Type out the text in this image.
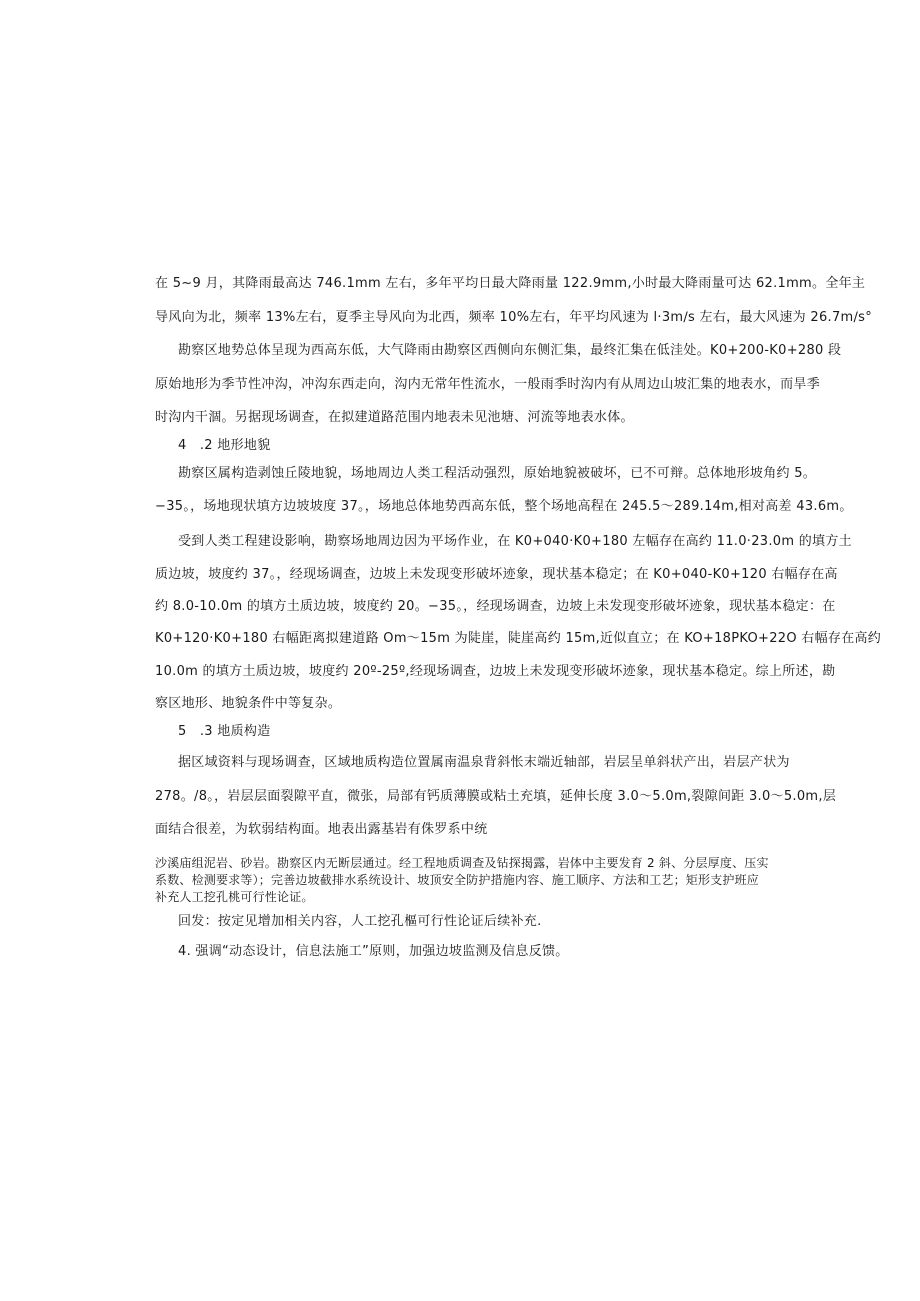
在 5~9 月，其降雨最高达 746.1mm 左右，多年平均日最大降雨量 122.9mm,小时最大降雨量可达 62.1mm。全年主
导风向为北，频率 13%左右，夏季主导风向为北西，频率 10%左右，年平均风速为 l·3m∕s 左右，最大风速为 26.7m∕s°
勘察区地势总体呈现为西高东低，大气降雨由勘察区西侧向东侧汇集，最终汇集在低洼处。K0+200-K0+280 段
原始地形为季节性冲沟，冲沟东西走向，沟内无常年性流水，一般雨季时沟内有从周边山坡汇集的地表水，而旱季
时沟内干涸。另据现场调查，在拟建道路范围内地表未见池塘、河流等地表水体。
4　.2 地形地貌
勘察区属构造剥蚀丘陵地貌，场地周边人类工程活动强烈，原始地貌被破坏，已不可辩。总体地形坡角约 5。
−35。，场地现状填方边坡坡度 37。，场地总体地势西高东低，整个场地高程在 245.5～289.14m,相对高差 43.6m。
受到人类工程建设影响，勘察场地周边因为平场作业，在 K0+040·K0+180 左幅存在高约 11.0·23.0m 的填方土
质边坡，坡度约 37。，经现场调查，边坡上未发现变形破坏迹象，现状基本稳定；在 K0+040-K0+120 右幅存在高
约 8.0-10.0m 的填方土质边坡，坡度约 20。−35。，经现场调查，边坡上未发现变形破坏迹象，现状基本稳定：在
K0+120·K0+180 右幅距离拟建道路 Om～15m 为陡崖，陡崖高约 15m,近似直立；在 KO+18PKO+22O 右幅存在高约
10.0m 的填方土质边坡，坡度约 20º-25º,经现场调查，边坡上未发现变形破坏迹象，现状基本稳定。综上所述，勘
察区地形、地貌条件中等复杂。
5　.3 地质构造
据区域资料与现场调查，区域地质构造位置属南温泉背斜怅末端近轴部，岩层呈单斜状产出，岩层产状为
278。/8。，岩层层面裂隙平直，微张，局部有钙质薄膜或粘土充填，延伸长度 3.0～5.0m,裂隙间距 3.0～5.0m,层
面结合很差，为软弱结构面。地表出露基岩有侏罗系中统
沙溪庙组泥岩、砂岩。勘察区内无断层通过。经工程地质调查及钻探揭露，岩体中主要发育 2 斜、分层厚度、压实
系数、检测要求等）；完善边坡截排水系统设计、坡顶安全防护措施内容、施工顺序、方法和工艺；矩形支护班应
补充人工挖孔桃可行性论证。
回发：按定见增加相关内容，人工挖孔樞可行性论证后续补充.
4. 强调“动态设计，信息法施工”原则，加强边坡监测及信息反馈。
